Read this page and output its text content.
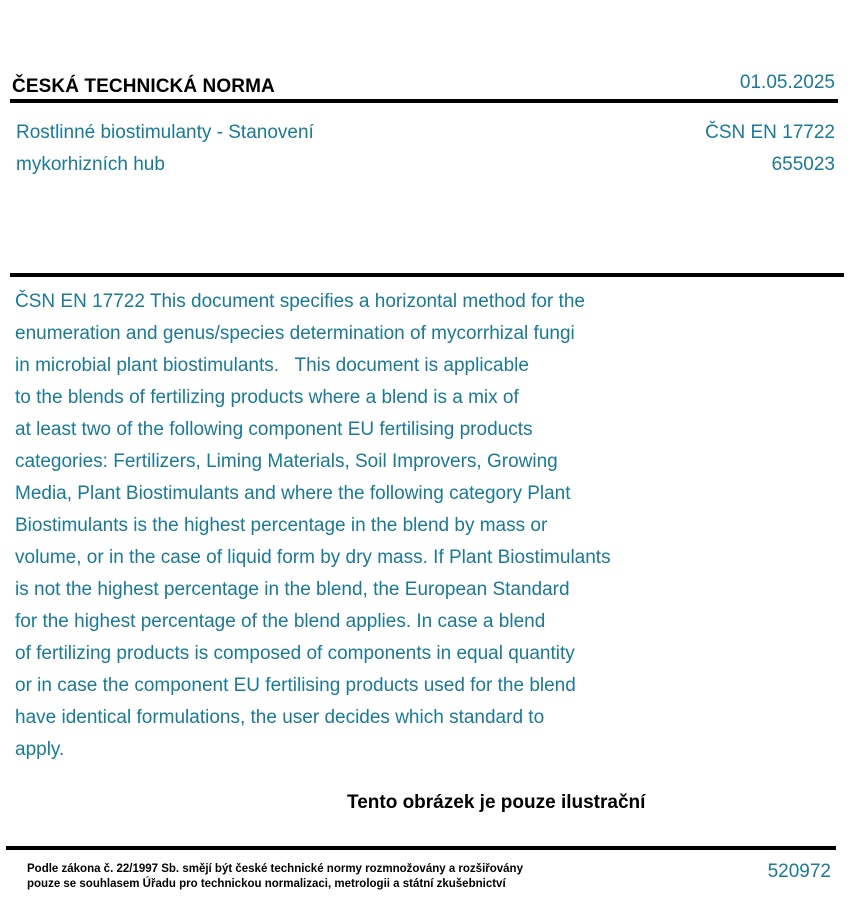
ČESKÁ TECHNICKÁ NORMA	01.05.2025
Rostlinné biostimulanty - Stanovení
mykorhizních hub
ČSN EN 17722
655023
ČSN EN 17722 This document specifies a horizontal method for the
enumeration and genus/species determination of mycorrhizal fungi
in microbial plant biostimulants.   This document is applicable
to the blends of fertilizing products where a blend is a mix of
at least two of the following component EU fertilising products
categories: Fertilizers, Liming Materials, Soil Improvers, Growing
Media, Plant Biostimulants and where the following category Plant
Biostimulants is the highest percentage in the blend by mass or
volume, or in the case of liquid form by dry mass. If Plant Biostimulants
is not the highest percentage in the blend, the European Standard
for the highest percentage of the blend applies. In case a blend
of fertilizing products is composed of components in equal quantity
or in case the component EU fertilising products used for the blend
have identical formulations, the user decides which standard to
apply.
Tento obrázek je pouze ilustrační
Podle zákona č. 22/1997 Sb. smějí být české technické normy rozmnožovány a rozšiřovány
pouze se souhlasem Úřadu pro technickou normalizaci, metrologii a státní zkušebnictví
520972
